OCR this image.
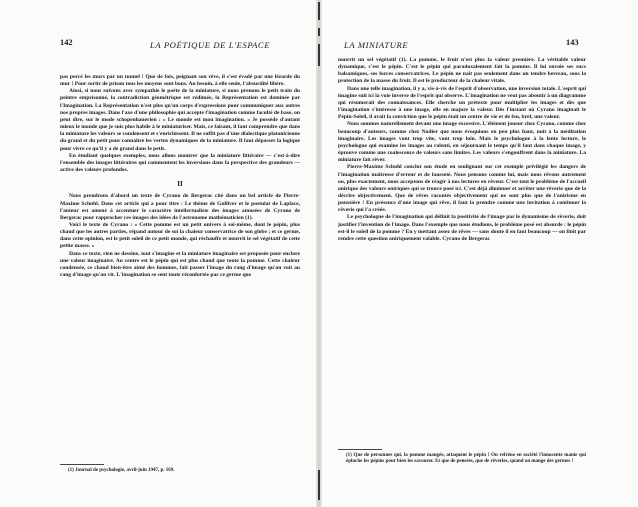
142	LA POÉTIQUE DE L'ESPACE

pas percé les murs par un tunnel ! Que de fois, peignant son rêve, il s'est évadé par une lézarde du mur ! Pour sortir de prison tous les moyens sont bons. Au besoin, à elle seule, l'absurdité libère.

Ainsi, si nous suivons avec sympathie le poète de la miniature, si nous prenons le petit train du peintre emprisonné, la contradiction géométrique est rédimée, la Représentation est dominée par l'Imagination. La Représentation n'est plus qu'un corps d'expressions pour communiquer aux autres nos propres images. Dans l'axe d'une philosophie qui accepte l'imagination comme faculté de base, on peut dire, sur le mode schopenhauerien : « Le monde est mon imagination. » Je possède d'autant mieux le monde que je suis plus habile à le miniaturiser. Mais, ce faisant, il faut comprendre que dans la miniature les valeurs se condensent et s'enrichissent. Il ne suffit pas d'une dialectique platonicienne du grand et du petit pour connaître les vertus dynamiques de la miniature. Il faut dépasser la logique pour vivre ce qu'il y a de grand dans le petit.

En étudiant quelques exemples, nous allons montrer que la miniature littéraire — c'est-à-dire l'ensemble des images littéraires qui commentent les inversions dans la perspective des grandeurs — active des valeurs profondes.

II

Nous prendrons d'abord un texte de Cyrano de Bergerac cité dans un bel article de Pierre-Maxime Schuhl. Dans cet article qui a pour titre : Le thème de Gulliver et le postulat de Laplace, l'auteur est amené à accentuer le caractère intellectualiste des images amusées de Cyrano de Bergerac pour rapprocher ces images des idées de l'astronome mathématicien (1).

Voici le texte de Cyrano : « Cette pomme est un petit univers à soi-même, dont le pépin, plus chaud que les autres parties, répand autour de soi la chaleur conservatrice de son globe ; et ce germe, dans cette opinion, est le petit soleil de ce petit monde, qui réchauffe et nourrit le sel végétatif de cette petite masse. »

Dans ce texte, rien ne dessine, tout s'imagine et la miniature imaginaire est proposée pour enclore une valeur imaginaire. Au centre est le pépin qui est plus chaud que toute la pomme. Cette chaleur condensée, ce chaud bien-être aimé des hommes, fait passer l'image du rang d'image qu'on voit au rang d'image qu'on vit. L'imagination se sent toute réconfortée par ce germe que

(1) Journal de psychologie, avril-juin 1947, p. 169.
LA MINIATURE	143

nourrit un sel végétatif (1). La pomme, le fruit n'est plus la valeur première. La véritable valeur dynamique, c'est le pépin. C'est le pépin qui paradoxalement fait la pomme. Il lui envoie ses sucs balsamiques, ses forces conservatrices. Le pépin ne naît pas seulement dans un tendre berceau, sous la protection de la masse du fruit. Il est le producteur de la chaleur vitale.

Dans une telle imagination, il y a, vis-à-vis de l'esprit d'observation, une inversion totale. L'esprit qui imagine suit ici la voie inverse de l'esprit qui observe. L'imagination ne veut pas aboutir à un diagramme qui résumerait des connaissances. Elle cherche un prétexte pour multiplier les images et dès que l'imagination s'intéresse à une image, elle en majore la valeur. Dès l'instant où Cyrano imaginait le Pépin-Soleil, il avait la conviction que le pépin était un centre de vie et de feu, bref, une valeur.

Nous sommes naturellement devant une image excessive. L'élément joueur chez Cyrano, comme chez beaucoup d'auteurs, comme chez Nodier que nous évoquions en peu plus haut, nuit à la méditation imaginaire. Les images vont trop vite, vont trop loin. Mais le psychologue à la lente lecture, le psychologue qui examine les images au ralenti, en séjournant le temps qu'il faut dans chaque image, y éprouve comme une coalescence de valeurs sans limites. Les valeurs s'engouffrent dans la miniature. La miniature fait rêver.

Pierre-Maxime Schuhl conclut son étude en soulignant sur cet exemple privilégié les dangers de l'imagination maîtresse d'erreur et de fausseté. Nous pensons comme lui, mais nous rêvons autrement ou, plus exactement, nous acceptons de réagir à nos lectures en rêveur. C'est tout le problème de l'accueil onirique des valeurs oniriques qui se trouve posé ici. C'est déjà diminuer et arrêter une rêverie que de la décrire objectivement. Que de rêves racontés objectivement qui ne sont plus que de l'onirisme en poussière ! En présence d'une image qui rêve, il faut la prendre comme une invitation à continuer la rêverie qui l'a créée.

Le psychologue de l'imagination qui définit la positivité de l'image par le dynamisme de rêverie, doit justifier l'invention de l'image. Dans l'exemple que nous étudions, le problème posé est absurde : le pépin est-il le soleil de la pomme ? En y mettant assez de rêves — sans doute il en faut beaucoup — on finit par rendre cette question oniriquement valable. Cyrano de Bergerac

(1) Que de personnes qui, la pomme mangée, attaquent le pépin ! On refrène en société l'innocente manie qui épluche les pépins pour bien les savourer. Et que de pensées, que de rêveries, quand on mange des germes !
